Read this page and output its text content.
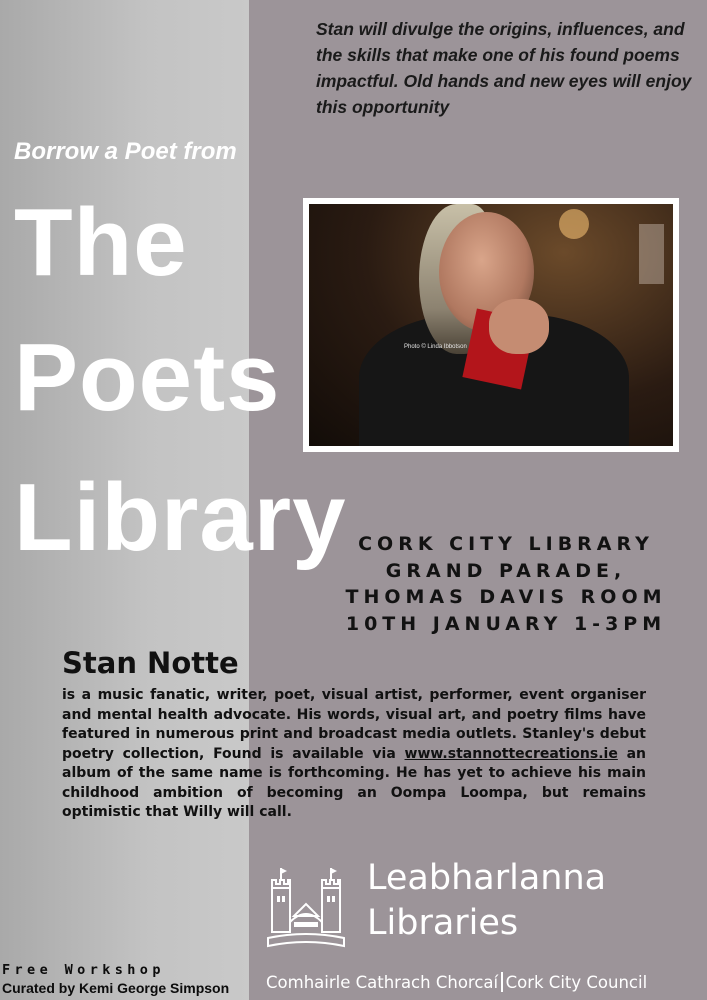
Stan will divulge the origins, influences, and the skills that make one of his found poems impactful. Old hands and new eyes will enjoy this opportunity

Borrow a Poet from

The

Poets

Library

Photo © Linda Ibbotson
CORK CITY LIBRARY
GRAND PARADE,
THOMAS DAVIS ROOM
10TH JANUARY 1-3PM

Stan Notte

is a music fanatic, writer, poet, visual artist, performer, event organiser and mental health advocate. His words, visual art, and poetry films have featured in numerous print and broadcast media outlets. Stanley's debut poetry collection, Found is available via www.stannottecreations.ie an album of the same name is forthcoming. He has yet to achieve his main childhood ambition of becoming an Oompa Loompa, but remains optimistic that Willy will call.

Leabharlanna

Libraries

Comhairle Cathrach Chorcaí Cork City Council

Free Workshop

Curated by Kemi George Simpson
